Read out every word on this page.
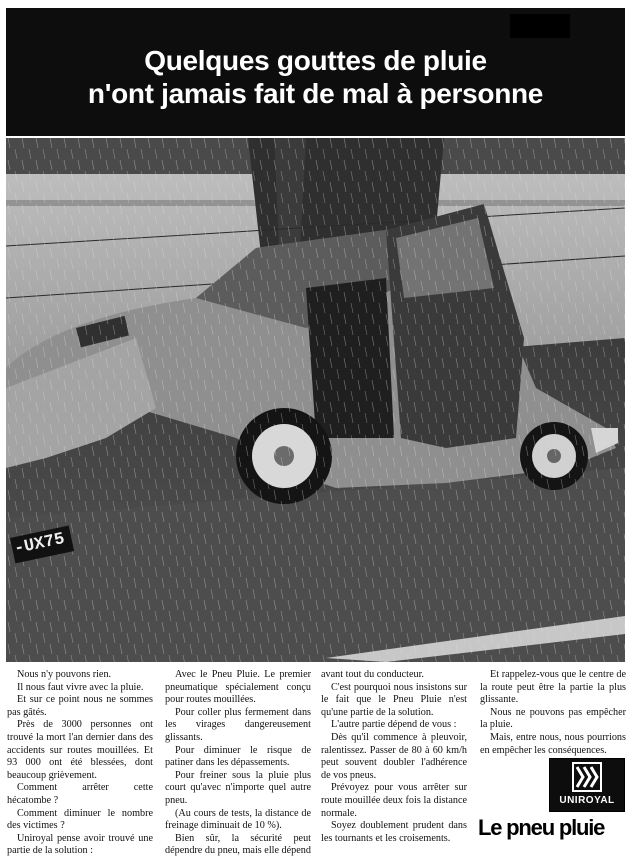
Quelques gouttes de pluie
n'ont jamais fait de mal à personne
-UX75

Nous n'y pouvons rien.

Il nous faut vivre avec la pluie.

Et sur ce point nous ne sommes pas gâtés.

Près de 3000 personnes ont trouvé la mort l'an dernier dans des accidents sur routes mouillées. Et 93 000 ont été blessées, dont beaucoup grièvement.

Comment arrêter cette hécatombe ?

Comment diminuer le nombre des victimes ?

Uniroyal pense avoir trouvé une partie de la solution :

Avec le Pneu Pluie. Le premier pneumatique spécialement conçu pour routes mouillées.

Pour coller plus fermement dans les virages dangereusement glissants.

Pour diminuer le risque de patiner dans les dépassements.

Pour freiner sous la pluie plus court qu'avec n'importe quel autre pneu.

(Au cours de tests, la distance de freinage diminuait de 10 %).

Bien sûr, la sécurité peut dépendre du pneu, mais elle dépend

avant tout du conducteur.

C'est pourquoi nous insistons sur le fait que le Pneu Pluie n'est qu'une partie de la solution.

L'autre partie dépend de vous :

Dès qu'il commence à pleuvoir, ralentissez. Passer de 80 à 60 km/h peut souvent doubler l'adhérence de vos pneus.

Prévoyez pour vous arrêter sur route mouillée deux fois la distance normale.

Soyez doublement prudent dans les tournants et les croisements.

Et rappelez-vous que le centre de la route peut être la partie la plus glissante.

Nous ne pouvons pas empêcher la pluie.

Mais, entre nous, nous pourrions en empêcher les conséquences.

UNIROYAL
Le pneu pluie
